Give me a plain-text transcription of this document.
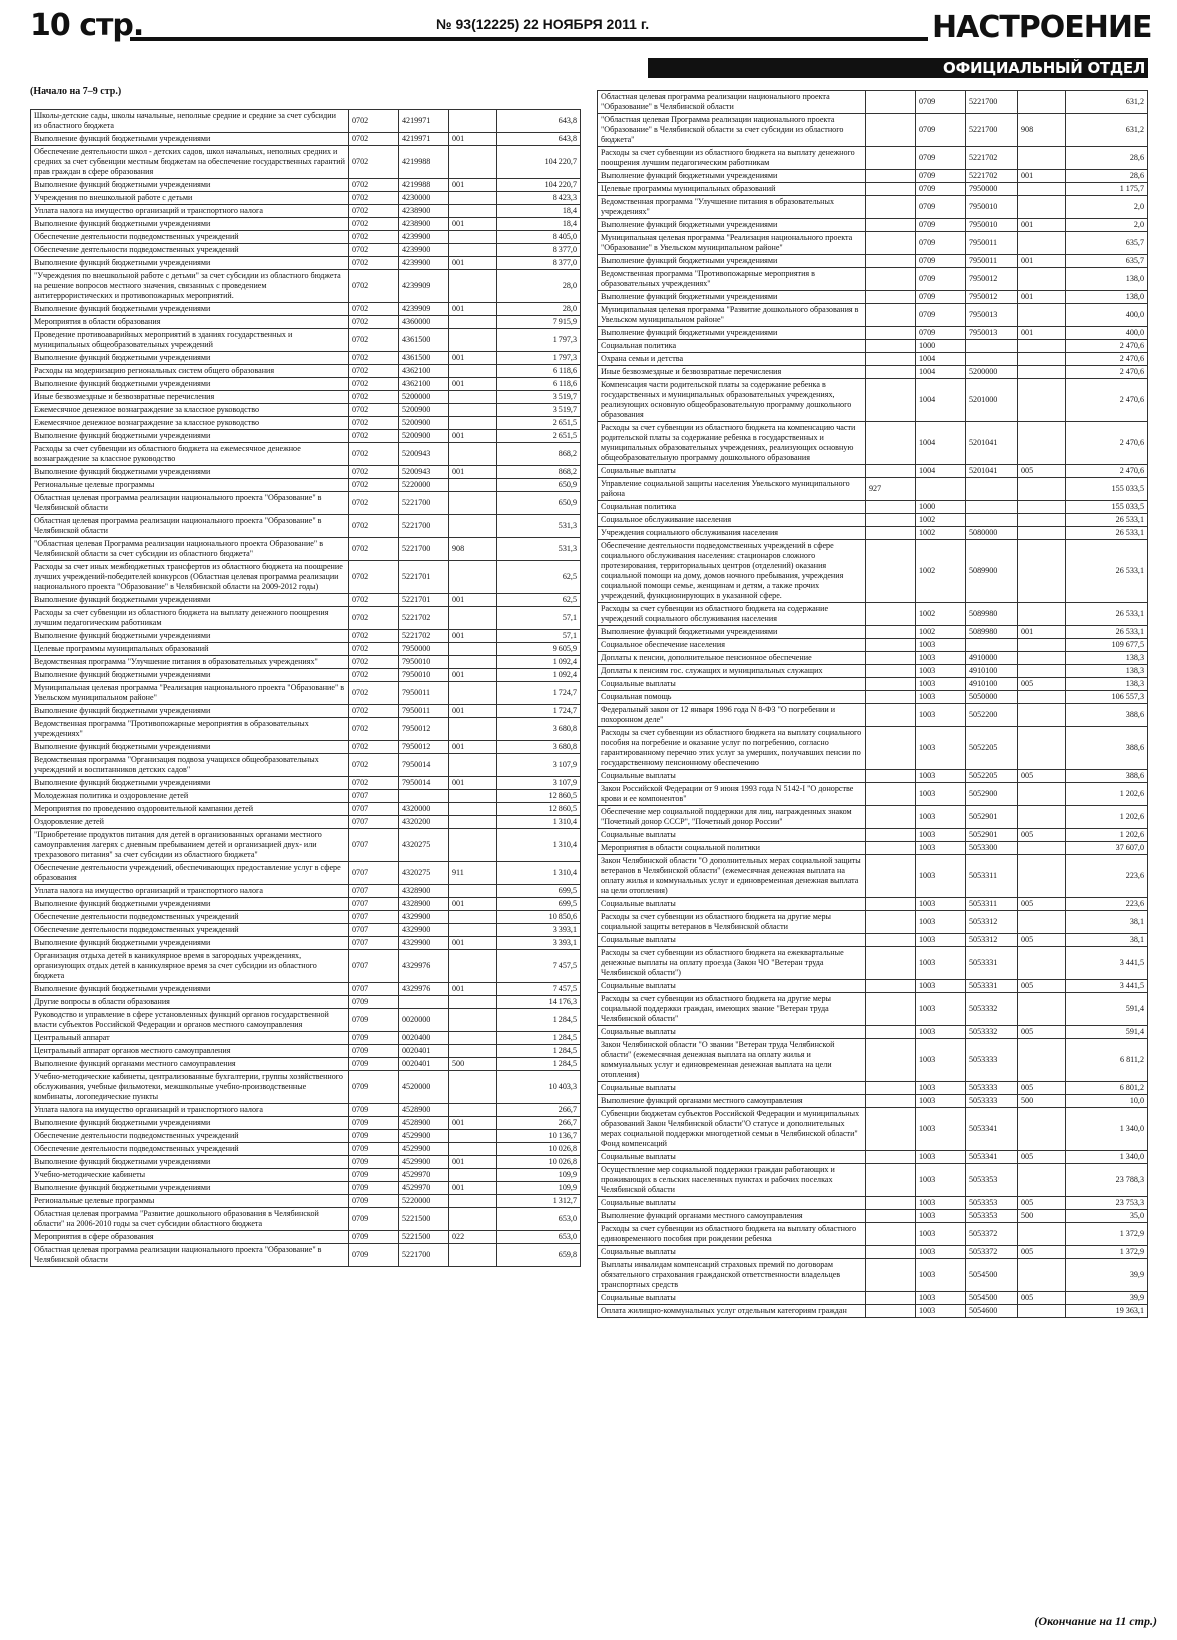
10 стр.	№ 93(12225) 22 НОЯБРЯ 2011 г.	НАСТРОЕНИЕ
ОФИЦИАЛЬНЫЙ ОТДЕЛ
(Начало на 7–9 стр.)
Школы-детские сады, школы начальные, неполные средние и средние за счет субсидии из областного бюджета		0702	4219971		643,8
Выполнение функций бюджетными учреждениями		0702	4219971	001	643,8
Обеспечение деятельности школ - детских садов, школ начальных, неполных средних и средних за счет субвенции местным бюджетам на обеспечение государственных гарантий прав граждан в сфере образования		0702	4219988		104 220,7
Выполнение функций бюджетными учреждениями		0702	4219988	001	104 220,7
Учреждения по внешкольной работе с детьми		0702	4230000		8 423,3
Уплата налога на имущество организаций и транспортного налога		0702	4238900		18,4
Выполнение функций бюджетными учреждениями		0702	4238900	001	18,4
Обеспечение деятельности подведомственных учреждений		0702	4239900		8 405,0
Обеспечение деятельности подведомственных учреждений		0702	4239900		8 377,0
Выполнение функций бюджетными учреждениями		0702	4239900	001	8 377,0
"Учреждения по внешкольной работе с детьми" за счет субсидии из областного бюджета на решение вопросов местного значения, связанных с проведением антитеррористических и противопожарных мероприятий.		0702	4239909		28,0
Выполнение функций бюджетными учреждениями		0702	4239909	001	28,0
Мероприятия в области образования		0702	4360000		7 915,9
Проведение противоаварийных мероприятий в зданиях государственных и муниципальных общеобразовательных учреждений		0702	4361500		1 797,3
Выполнение функций бюджетными учреждениями		0702	4361500	001	1 797,3
Расходы на модернизацию региональных систем общего образования		0702	4362100		6 118,6
Выполнение функций бюджетными учреждениями		0702	4362100	001	6 118,6
Иные безвозмездные и безвозвратные перечисления		0702	5200000		3 519,7
Ежемесячное денежное вознаграждение за классное руководство		0702	5200900		3 519,7
Ежемесячное денежное вознаграждение за классное руководство		0702	5200900		2 651,5
Выполнение функций бюджетными учреждениями		0702	5200900	001	2 651,5
Расходы за счет субвенции из областного бюджета на ежемесячное денежное вознаграждение за классное руководство		0702	5200943		868,2
Выполнение функций бюджетными учреждениями		0702	5200943	001	868,2
Региональные целевые программы		0702	5220000		650,9
Областная целевая программа реализации национального проекта "Образование" в Челябинской области		0702	5221700		650,9
Областная целевая программа реализации национального проекта "Образование" в Челябинской области		0702	5221700		531,3
"Областная целевая Программа реализации национального проекта Образование" в Челябинской области за счет субсидии из областного бюджета"		0702	5221700	908	531,3
Расходы за счет иных межбюджетных трансфертов из областного бюджета на поощрение лучших учреждений-победителей конкурсов (Областная целевая программа реализации национального проекта "Образование" в Челябинской области на 2009-2012 годы)		0702	5221701		62,5
Выполнение функций бюджетными учреждениями		0702	5221701	001	62,5
Расходы за счет субвенции из областного бюджета на выплату денежного поощрения лучшим педагогическим работникам		0702	5221702		57,1
Выполнение функций бюджетными учреждениями		0702	5221702	001	57,1
Целевые программы муниципальных образований		0702	7950000		9 605,9
Ведомственная программа "Улучшение питания в образовательных учреждениях"		0702	7950010		1 092,4
Выполнение функций бюджетными учреждениями		0702	7950010	001	1 092,4
Муниципальная целевая программа "Реализация национального проекта "Образование" в Увельском муниципальном районе"		0702	7950011		1 724,7
Выполнение функций бюджетными учреждениями		0702	7950011	001	1 724,7
Ведомственная программа "Противопожарные мероприятия в образовательных учреждениях"		0702	7950012		3 680,8
Выполнение функций бюджетными учреждениями		0702	7950012	001	3 680,8
Ведомственная программа "Организация подвоза учащихся общеобразовательных учреждений и воспитанников детских садов"		0702	7950014		3 107,9
Выполнение функций бюджетными учреждениями		0702	7950014	001	3 107,9
Молодежная политика и оздоровление детей		0707			12 860,5
Мероприятия по проведению оздоровительной кампании детей		0707	4320000		12 860,5
Оздоровление детей		0707	4320200		1 310,4
"Приобретение продуктов питания для детей в организованных органами местного самоуправления лагерях с дневным пребыванием детей и организацией двух- или трехразового питания" за счет субсидии из областного бюджета"		0707	4320275		1 310,4
Обеспечение деятельности учреждений, обеспечивающих предоставление услуг в сфере образования		0707	4320275	911	1 310,4
Уплата налога на имущество организаций и транспортного налога		0707	4328900		699,5
Выполнение функций бюджетными учреждениями		0707	4328900	001	699,5
Обеспечение деятельности подведомственных учреждений		0707	4329900		10 850,6
Обеспечение деятельности подведомственных учреждений		0707	4329900		3 393,1
Выполнение функций бюджетными учреждениями		0707	4329900	001	3 393,1
Организация отдыха детей в каникулярное время в загородных учреждениях, организующих отдых детей в каникулярное время за счет субсидии из областного бюджета		0707	4329976		7 457,5
Выполнение функций бюджетными учреждениями		0707	4329976	001	7 457,5
Другие вопросы в области образования		0709			14 176,3
Руководство и управление в сфере установленных функций органов государственной власти субъектов Российской Федерации и органов местного самоуправления		0709	0020000		1 284,5
Центральный аппарат		0709	0020400		1 284,5
Центральный аппарат органов местного самоуправления		0709	0020401		1 284,5
Выполнение функций органами местного самоуправления		0709	0020401	500	1 284,5
Учебно-методические кабинеты, централизованные бухгалтерии, группы хозяйственного обслуживания, учебные фильмотеки, межшкольные учебно-производственные комбинаты, логопедические пункты		0709	4520000		10 403,3
Уплата налога на имущество организаций и транспортного налога		0709	4528900		266,7
Выполнение функций бюджетными учреждениями		0709	4528900	001	266,7
Обеспечение деятельности подведомственных учреждений		0709	4529900		10 136,7
Обеспечение деятельности подведомственных учреждений		0709	4529900		10 026,8
Выполнение функций бюджетными учреждениями		0709	4529900	001	10 026,8
Учебно-методические кабинеты		0709	4529970		109,9
Выполнение функций бюджетными учреждениями		0709	4529970	001	109,9
Региональные целевые программы		0709	5220000		1 312,7
Областная целевая программа "Развитие дошкольного образования в Челябинской области" на 2006-2010 годы за счет субсидии областного бюджета		0709	5221500		653,0
Мероприятия в сфере образования		0709	5221500	022	653,0
Областная целевая программа реализации национального проекта "Образование" в Челябинской области		0709	5221700		659,8
Областная целевая программа реализации национального проекта "Образование" в Челябинской области		0709	5221700		631,2
"Областная целевая Программа реализации национального проекта "Образование" в Челябинской области за счет субсидии из областного бюджета"		0709	5221700	908	631,2
Расходы за счет субвенции из областного бюджета на выплату денежного поощрения лучшим педагогическим работникам		0709	5221702		28,6
Выполнение функций бюджетными учреждениями		0709	5221702	001	28,6
Целевые программы муниципальных образований		0709	7950000		1 175,7
Ведомственная программа "Улучшение питания в образовательных учреждениях"		0709	7950010		2,0
Выполнение функций бюджетными учреждениями		0709	7950010	001	2,0
Муниципальная целевая программа "Реализация национального проекта "Образование" в Увельском муниципальном районе"		0709	7950011		635,7
Выполнение функций бюджетными учреждениями		0709	7950011	001	635,7
Ведомственная программа "Противопожарные мероприятия в образовательных учреждениях"		0709	7950012		138,0
Выполнение функций бюджетными учреждениями		0709	7950012	001	138,0
Муниципальная целевая программа "Развитие дошкольного образования в Увельском муниципальном районе"		0709	7950013		400,0
Выполнение функций бюджетными учреждениями		0709	7950013	001	400,0
Социальная политика		1000			2 470,6
Охрана семьи и детства		1004			2 470,6
Иные безвозмездные и безвозвратные перечисления		1004	5200000		2 470,6
Компенсация части родительской платы за содержание ребенка в государственных и муниципальных образовательных учреждениях, реализующих основную общеобразовательную программу дошкольного образования		1004	5201000		2 470,6
Расходы за счет субвенции из областного бюджета на компенсацию части родительской платы за содержание ребенка в государственных и муниципальных образовательных учреждениях, реализующих основную общеобразовательную программу дошкольного образования		1004	5201041		2 470,6
Социальные выплаты		1004	5201041	005	2 470,6
Управление социальной защиты населения Увельского муниципального района	927				155 033,5
Социальная политика		1000			155 033,5
Социальное обслуживание населения		1002			26 533,1
Учреждения социального обслуживания населения		1002	5080000		26 533,1
Обеспечение деятельности подведомственных учреждений в сфере социального обслуживания населения: стационаров сложного протезирования, территориальных центров (отделений) оказания социальной помощи на дому, домов ночного пребывания, учреждения социальной помощи семье, женщинам и детям, а также прочих учреждений, функционирующих в указанной сфере.		1002	5089900		26 533,1
Расходы за счет субвенции из областного бюджета на содержание учреждений социального обслуживания населения		1002	5089980		26 533,1
Выполнение функций бюджетными учреждениями		1002	5089980	001	26 533,1
Социальное обеспечение населения		1003			109 677,5
Доплаты к пенсии, дополнительное пенсионное обеспечение		1003	4910000		138,3
Доплаты к пенсиям гос. служащих и муниципальных служащих		1003	4910100		138,3
Социальные выплаты		1003	4910100	005	138,3
Социальная помощь		1003	5050000		106 557,3
Федеральный закон от 12 января 1996 года N 8-ФЗ "О погребении и похоронном деле"		1003	5052200		388,6
Расходы за счет субвенции из областного бюджета на выплату социального пособия на погребение и оказание услуг по погребению, согласно гарантированному перечню этих услуг за умерших, получавших пенсии по государственному пенсионному обеспечению		1003	5052205		388,6
Социальные выплаты		1003	5052205	005	388,6
Закон Российской Федерации от 9 июня 1993 года N 5142-I "О донорстве крови и ее компонентов"		1003	5052900		1 202,6
Обеспечение мер социальной поддержки для лиц, награжденных знаком "Почетный донор СССР", "Почетный донор России"		1003	5052901		1 202,6
Социальные выплаты		1003	5052901	005	1 202,6
Мероприятия в области социальной политики		1003	5053300		37 607,0
Закон Челябинской области "О дополнительных мерах социальной защиты ветеранов в Челябинской области" (ежемесячная денежная выплата на оплату жилья и коммунальных услуг и единовременная денежная выплата на цели отопления)		1003	5053311		223,6
Социальные выплаты		1003	5053311	005	223,6
Расходы за счет субвенции из областного бюджета на другие меры социальной защиты ветеранов в Челябинской области		1003	5053312		38,1
Социальные выплаты		1003	5053312	005	38,1
Расходы за счет субвенции из областного бюджета на ежеквартальные денежные выплаты на оплату проезда (Закон ЧО "Ветеран труда Челябинской области")		1003	5053331		3 441,5
Социальные выплаты		1003	5053331	005	3 441,5
Расходы за счет субвенции из областного бюджета на другие меры социальной поддержки граждан, имеющих звание "Ветеран труда Челябинской области"		1003	5053332		591,4
Социальные выплаты		1003	5053332	005	591,4
Закон Челябинской области "О звании "Ветеран труда Челябинской области" (ежемесячная денежная выплата на оплату жилья и коммунальных услуг и единовременная денежная выплата на цели отопления)		1003	5053333		6 811,2
Социальные выплаты		1003	5053333	005	6 801,2
Выполнение функций органами местного самоуправления		1003	5053333	500	10,0
Субвенции бюджетам субъектов Российской Федерации и муниципальных образований Закон Челябинской области"О статусе и дополнительных мерах социальной поддержки многодетной семьи в Челябинской области" Фонд компенсаций		1003	5053341		1 340,0
Социальные выплаты		1003	5053341	005	1 340,0
Осуществление мер социальной поддержки граждан работающих и проживающих в сельских населенных пунктах и рабочих поселках Челябинской области		1003	5053353		23 788,3
Социальные выплаты		1003	5053353	005	23 753,3
Выполнение функций органами местного самоуправления		1003	5053353	500	35,0
Расходы за счет субвенции из областного бюджета на выплату областного единовременного пособия при рождении ребенка		1003	5053372		1 372,9
Социальные выплаты		1003	5053372	005	1 372,9
Выплаты инвалидам компенсаций страховых премий по договорам обязательного страхования гражданской ответственности владельцев транспортных средств		1003	5054500		39,9
Социальные выплаты		1003	5054500	005	39,9
Оплата жилищно-коммунальных услуг отдельным категориям граждан		1003	5054600		19 363,1
(Окончание на 11 стр.)
